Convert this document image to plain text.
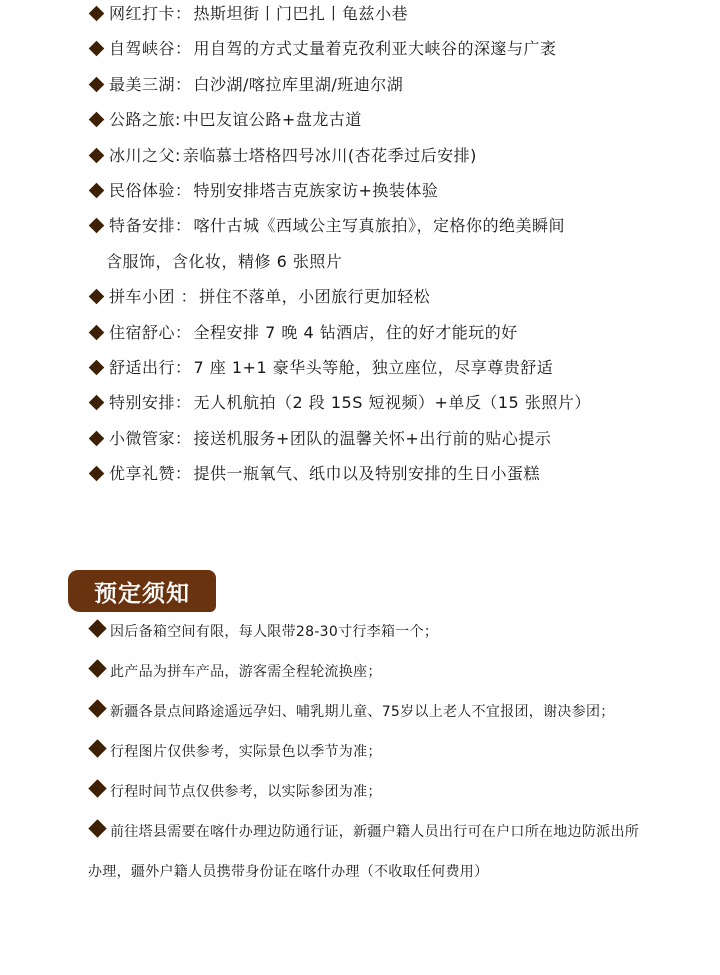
网红打卡： 热斯坦街丨门巴扎丨龟兹小巷
自驾峡谷： 用自驾的方式丈量着克孜利亚大峡谷的深邃与广袤
最美三湖： 白沙湖/喀拉库里湖/班迪尔湖
公路之旅: 中巴友谊公路+盘龙古道
冰川之父: 亲临慕士塔格四号冰川(杏花季过后安排)
民俗体验： 特别安排塔吉克族家访+换装体验
特备安排： 喀什古城《西域公主写真旅拍》，定格你的绝美瞬间
含服饰，含化妆，精修 6 张照片
拼车小团 ： 拼住不落单，小团旅行更加轻松
住宿舒心： 全程安排 7 晚 4 钻酒店，住的好才能玩的好
舒适出行： 7 座 1+1 豪华头等舱，独立座位，尽享尊贵舒适
特别安排： 无人机航拍（2 段 15S 短视频）+单反（15 张照片）
小微管家： 接送机服务+团队的温馨关怀+出行前的贴心提示
优享礼赞： 提供一瓶氧气、纸巾以及特别安排的生日小蛋糕
预定须知
因后备箱空间有限，每人限带28-30寸行李箱一个；
此产品为拼车产品，游客需全程轮流换座；
新疆各景点间路途遥远孕妇、哺乳期儿童、75岁以上老人不宜报团，谢决参团；
行程图片仅供参考，实际景色以季节为准；
行程时间节点仅供参考，以实际参团为准；
前往塔县需要在喀什办理边防通行证，新疆户籍人员出行可在户口所在地边防派出所办理，疆外户籍人员携带身份证在喀什办理（不收取任何费用）
